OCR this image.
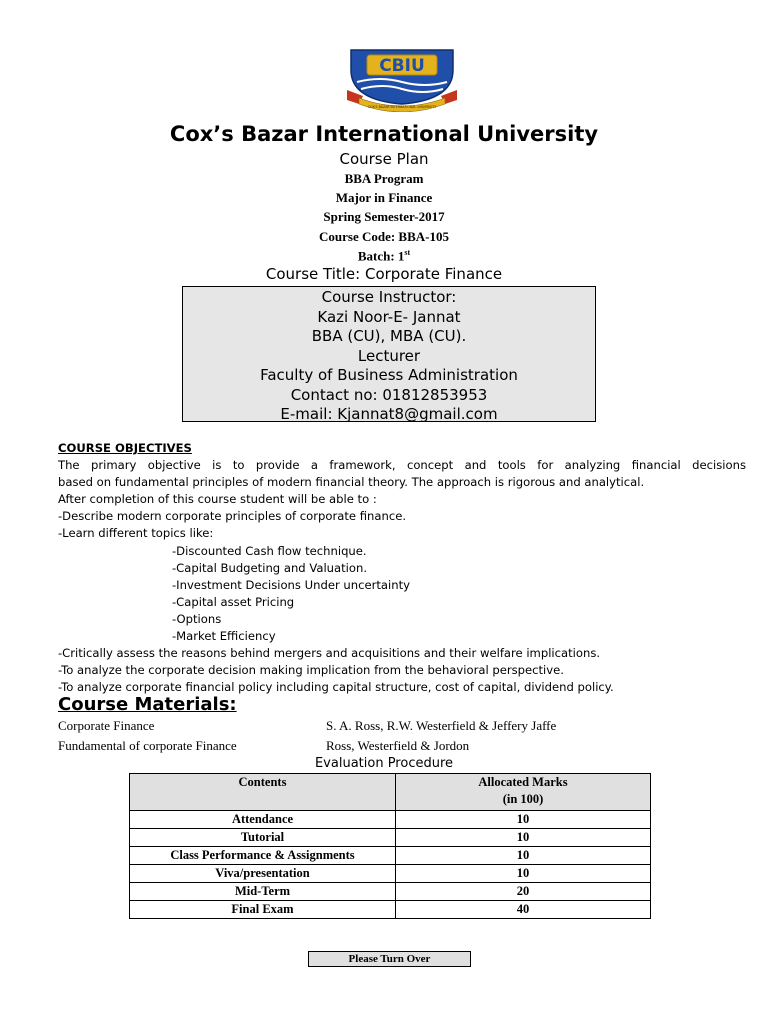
CBIU
COX'S BAZAR INTERNATIONAL UNIVERSITY
Cox’s Bazar International University
Course Plan
BBA Program
Major in Finance
Spring Semester-2017
Course Code: BBA-105
Batch: 1st
Course Title: Corporate Finance
Course Instructor:
Kazi Noor-E- Jannat
BBA (CU), MBA (CU).
Lecturer
Faculty of Business Administration
Contact no: 01812853953
E-mail: Kjannat8@gmail.com
COURSE OBJECTIVES
The primary objective is to provide a framework, concept and tools for analyzing financial decisions
based on fundamental principles of modern financial theory. The approach is rigorous and analytical.
After completion of this course student will be able to :
-Describe modern corporate principles of corporate finance.
-Learn different topics like:
-Discounted Cash flow technique.
-Capital Budgeting and Valuation.
-Investment Decisions Under uncertainty
-Capital asset Pricing
-Options
-Market Efficiency
-Critically assess the reasons behind mergers and acquisitions and their welfare implications.
-To analyze the corporate decision making implication from the behavioral perspective.
-To analyze corporate financial policy including capital structure, cost of capital, dividend policy.
Course Materials:
Corporate Finance	S. A. Ross, R.W. Westerfield & Jeffery Jaffe
Fundamental of corporate Finance	Ross, Westerfield & Jordon
Evaluation Procedure
Contents	Allocated Marks
(in 100)

Attendance	10
Tutorial	10
Class Performance & Assignments	10
Viva/presentation	10
Mid-Term	20
Final Exam	40
Please Turn Over
